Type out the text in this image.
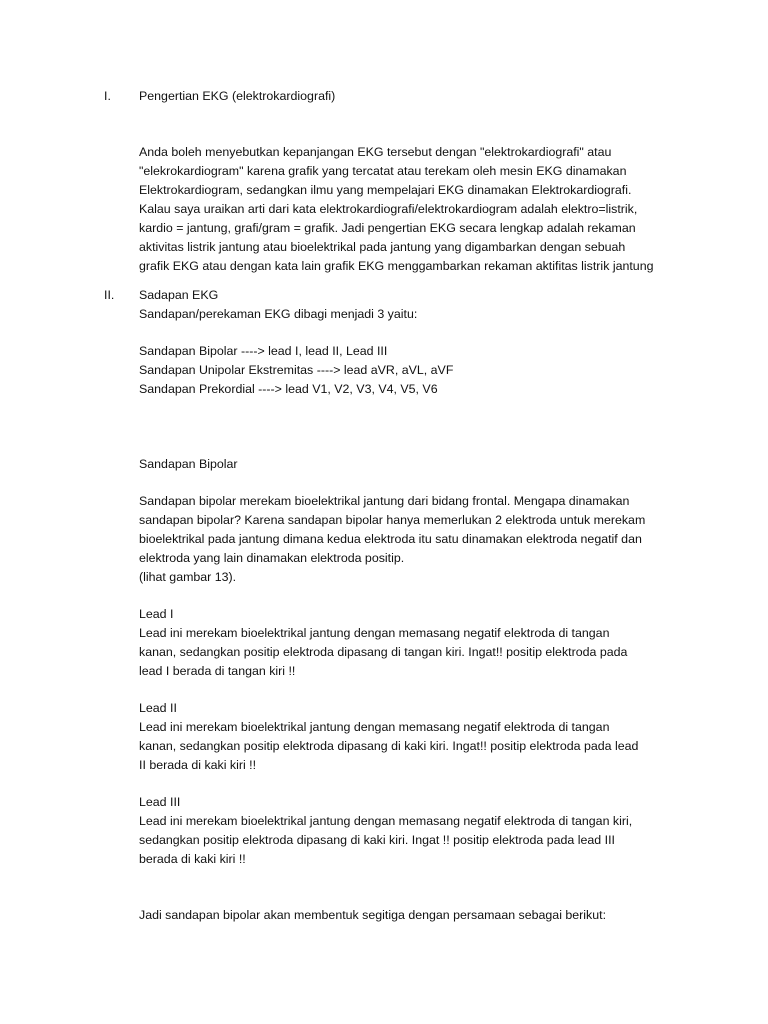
I. Pengertian EKG (elektrokardiografi)
Anda boleh menyebutkan kepanjangan EKG tersebut dengan "elektrokardiografi" atau
"elekrokardiogram" karena grafik yang tercatat atau terekam oleh mesin EKG dinamakan
Elektrokardiogram, sedangkan ilmu yang mempelajari EKG dinamakan Elektrokardiografi.
Kalau saya uraikan arti dari kata elektrokardiografi/elektrokardiogram adalah elektro=listrik,
kardio = jantung, grafi/gram = grafik. Jadi pengertian EKG secara lengkap adalah rekaman
aktivitas listrik jantung atau bioelektrikal pada jantung yang digambarkan dengan sebuah
grafik EKG atau dengan kata lain grafik EKG menggambarkan rekaman aktifitas listrik jantung
II. Sadapan EKG
Sandapan/perekaman EKG dibagi menjadi 3 yaitu:
Sandapan Bipolar ----> lead I, lead II, Lead III
Sandapan Unipolar Ekstremitas ----> lead aVR, aVL, aVF
Sandapan Prekordial ----> lead V1, V2, V3, V4, V5, V6
Sandapan Bipolar
Sandapan bipolar merekam bioelektrikal jantung dari bidang frontal. Mengapa dinamakan
sandapan bipolar? Karena sandapan bipolar hanya memerlukan 2 elektroda untuk merekam
bioelektrikal pada jantung dimana kedua elektroda itu satu dinamakan elektroda negatif dan
elektroda yang lain dinamakan elektroda positip.
(lihat gambar 13).
Lead I
Lead ini merekam bioelektrikal jantung dengan memasang negatif elektroda di tangan
kanan, sedangkan positip elektroda dipasang di tangan kiri. Ingat!! positip elektroda pada
lead I berada di tangan kiri !!
Lead II
Lead ini merekam bioelektrikal jantung dengan memasang negatif elektroda di tangan
kanan, sedangkan positip elektroda dipasang di kaki kiri. Ingat!! positip elektroda pada lead
II berada di kaki kiri !!
Lead III
Lead ini merekam bioelektrikal jantung dengan memasang negatif elektroda di tangan kiri,
sedangkan positip elektroda dipasang di kaki kiri. Ingat !! positip elektroda pada lead III
berada di kaki kiri !!
Jadi sandapan bipolar akan membentuk segitiga dengan persamaan sebagai berikut:
